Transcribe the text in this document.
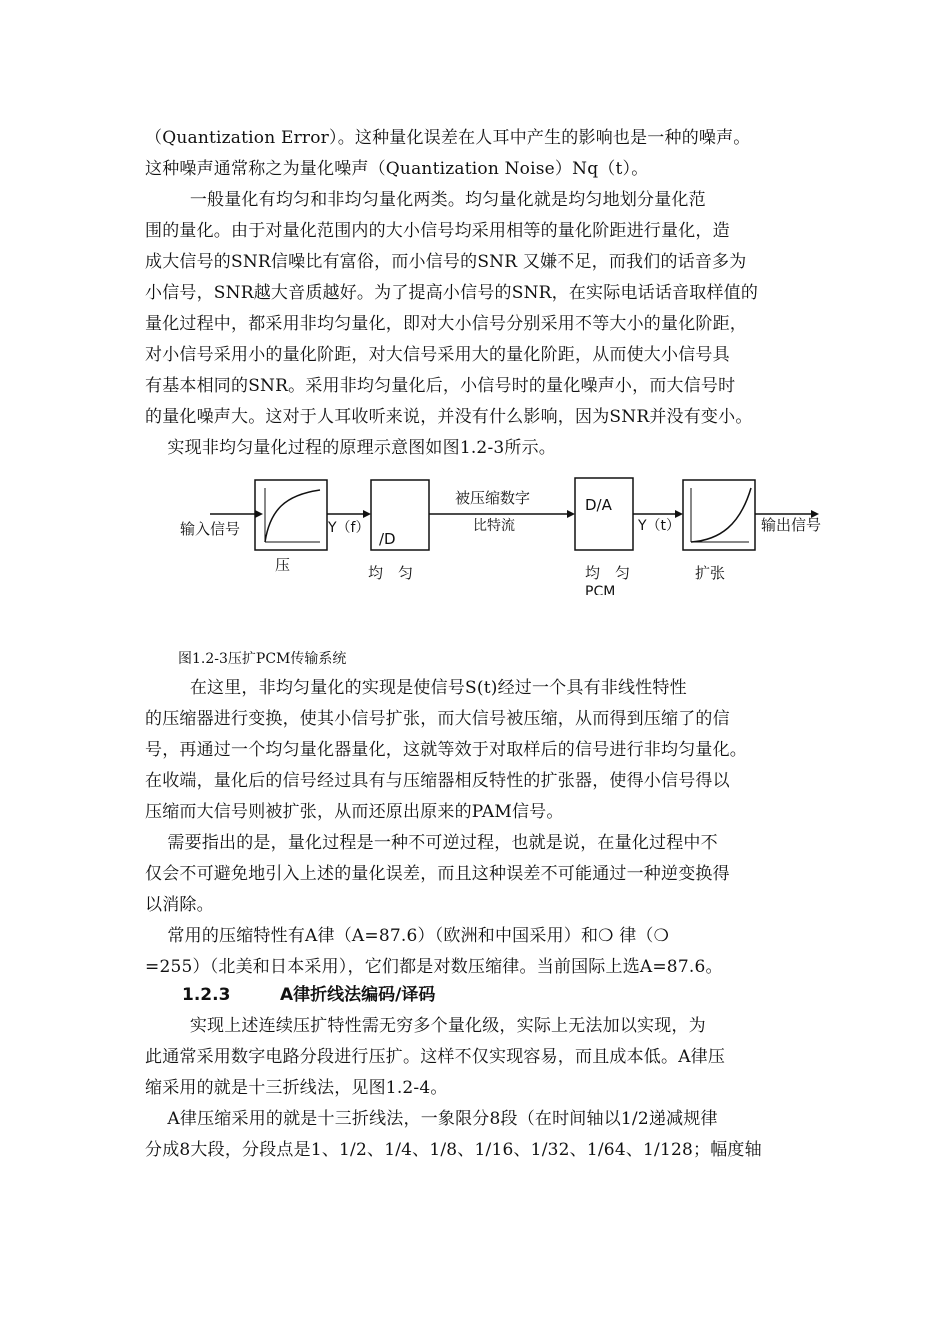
（Quantization Error）。这种量化误差在人耳中产生的影响也是一种的噪声。
这种噪声通常称之为量化噪声（Quantization Noise）Nq（t）。
一般量化有均匀和非均匀量化两类。均匀量化就是均匀地划分量化范
围的量化。由于对量化范围内的大小信号均采用相等的量化阶距进行量化，造
成大信号的SNR信噪比有富俗，而小信号的SNR 又嫌不足，而我们的话音多为
小信号，SNR越大音质越好。为了提高小信号的SNR，在实际电话话音取样值的
量化过程中，都采用非均匀量化，即对大小信号分别采用不等大小的量化阶距，
对小信号采用小的量化阶距，对大信号采用大的量化阶距，从而使大小信号具
有基本相同的SNR。采用非均匀量化后，小信号时的量化噪声小，而大信号时
的量化噪声大。这对于人耳收听来说，并没有什么影响，因为SNR并没有变小。
实现非均匀量化过程的原理示意图如图1.2-3所示。
输入信号
压
Y（f）
/D
均　匀
被压缩数字
比特流
D/A
均　匀
PCM
Y（t）
扩张
输出信号
图1.2-3压扩PCM传输系统
在这里，非均匀量化的实现是使信号S(t)经过一个具有非线性特性
的压缩器进行变换，使其小信号扩张，而大信号被压缩，从而得到压缩了的信
号，再通过一个均匀量化器量化，这就等效于对取样后的信号进行非均匀量化。
在收端，量化后的信号经过具有与压缩器相反特性的扩张器，使得小信号得以
压缩而大信号则被扩张，从而还原出原来的PAM信号。
需要指出的是，量化过程是一种不可逆过程，也就是说，在量化过程中不
仅会不可避免地引入上述的量化误差，而且这种误差不可能通过一种逆变换得
以消除。
常用的压缩特性有A律（A=87.6）（欧洲和中国采用）和❍ 律（❍
=255）（北美和日本采用），它们都是对数压缩律。当前国际上选A=87.6。
1.2.3	A律折线法编码/译码
实现上述连续压扩特性需无穷多个量化级，实际上无法加以实现，为
此通常采用数字电路分段进行压扩。这样不仅实现容易，而且成本低。A律压
缩采用的就是十三折线法，见图1.2-4。
A律压缩采用的就是十三折线法，一象限分8段（在时间轴以1/2递减规律
分成8大段，分段点是1、1/2、1/4、1/8、1/16、1/32、1/64、1/128；幅度轴
